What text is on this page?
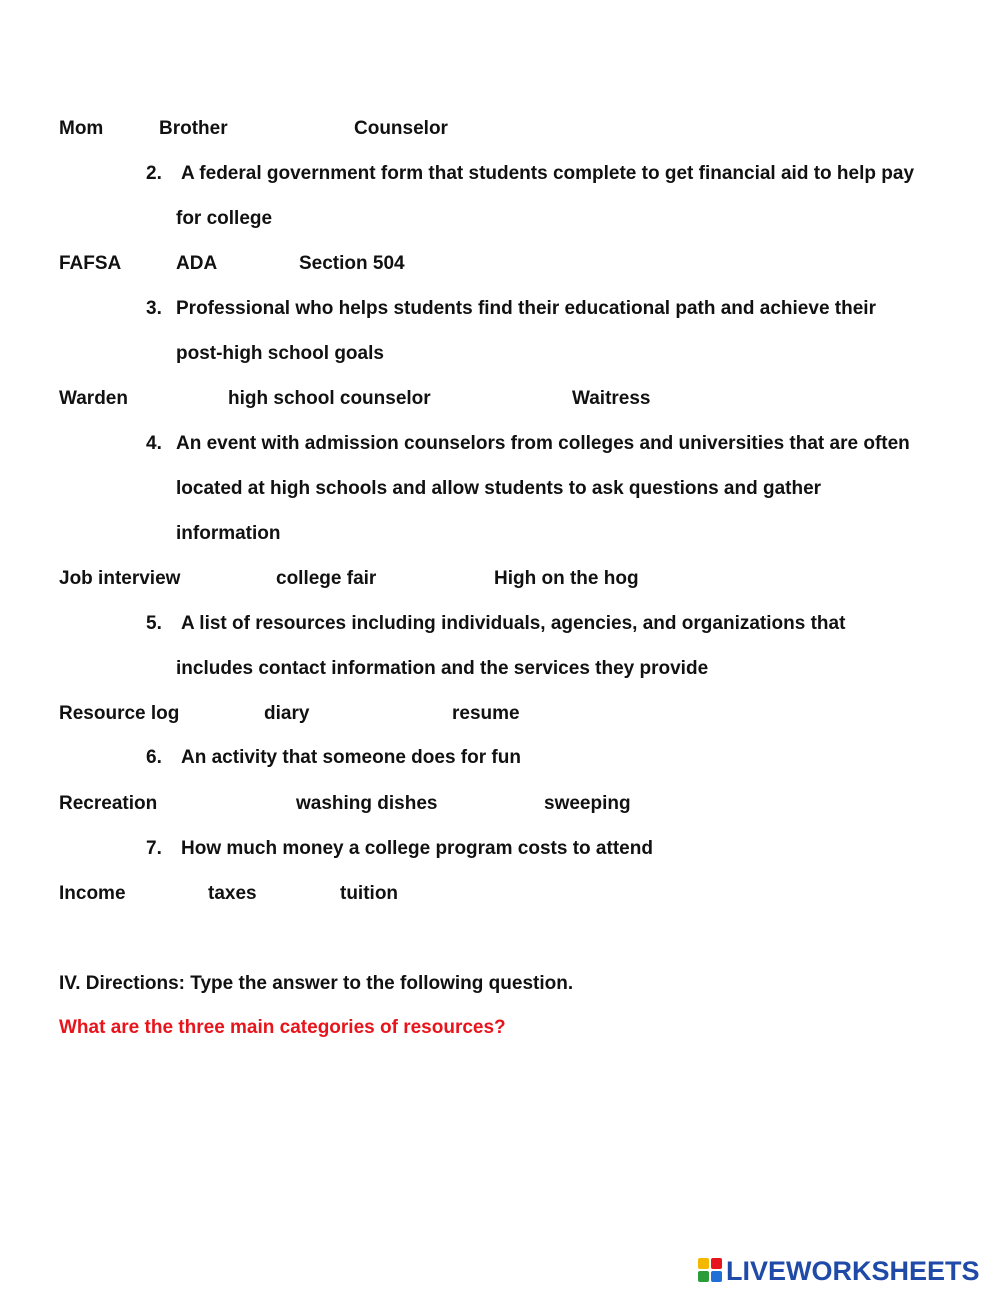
Mom	Brother	Counselor
2. A federal government form that students complete to get financial aid to help pay
for college
FAFSA	ADA	Section 504
3. Professional who helps students find their educational path and achieve their
post-high school goals
Warden	high school counselor	Waitress
4. An event with admission counselors from colleges and universities that are often
located at high schools and allow students to ask questions and gather
information
Job interview	college fair	High on the hog
5. A list of resources including individuals, agencies, and organizations that
includes contact information and the services they provide
Resource log	diary	resume
6. An activity that someone does for fun
Recreation	washing dishes	sweeping
7. How much money a college program costs to attend
Income	taxes	tuition
IV. Directions: Type the answer to the following question.
What are the three main categories of resources?
LIVEWORKSHEETS
